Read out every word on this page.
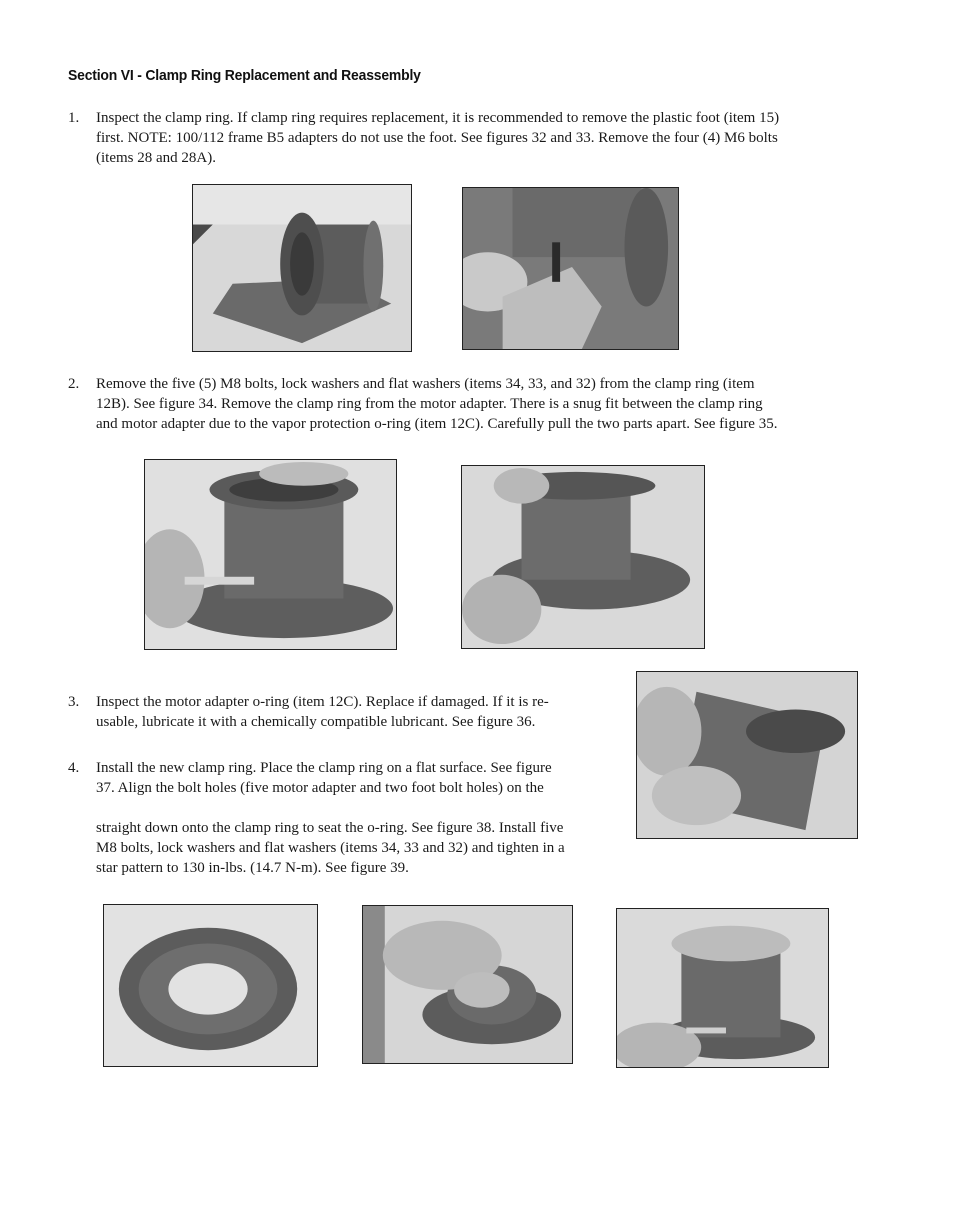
Section VI - Clamp Ring Replacement and Reassembly
1. Inspect the clamp ring. If clamp ring requires replacement, it is recommended to remove the plastic foot (item 15)
first. NOTE: 100/112 frame B5 adapters do not use the foot. See figures 32 and 33. Remove the four (4) M6 bolts
(items 28 and 28A).
2. Remove the five (5) M8 bolts, lock washers and flat washers (items 34, 33, and 32) from the clamp ring (item
12B). See figure 34. Remove the clamp ring from the motor adapter. There is a snug fit between the clamp ring
and motor adapter due to the vapor protection o-ring (item 12C). Carefully pull the two parts apart. See figure 35.
3. Inspect the motor adapter o-ring (item 12C). Replace if damaged. If it is re-
usable, lubricate it with a chemically compatible lubricant. See figure 36.
4. Install the new clamp ring. Place the clamp ring on a flat surface. See figure
37. Align the bolt holes (five motor adapter and two foot bolt holes) on the
straight down onto the clamp ring to seat the o-ring. See figure 38. Install five
M8 bolts, lock washers and flat washers (items 34, 33 and 32) and tighten in a
star pattern to 130 in-lbs. (14.7 N-m). See figure 39.
